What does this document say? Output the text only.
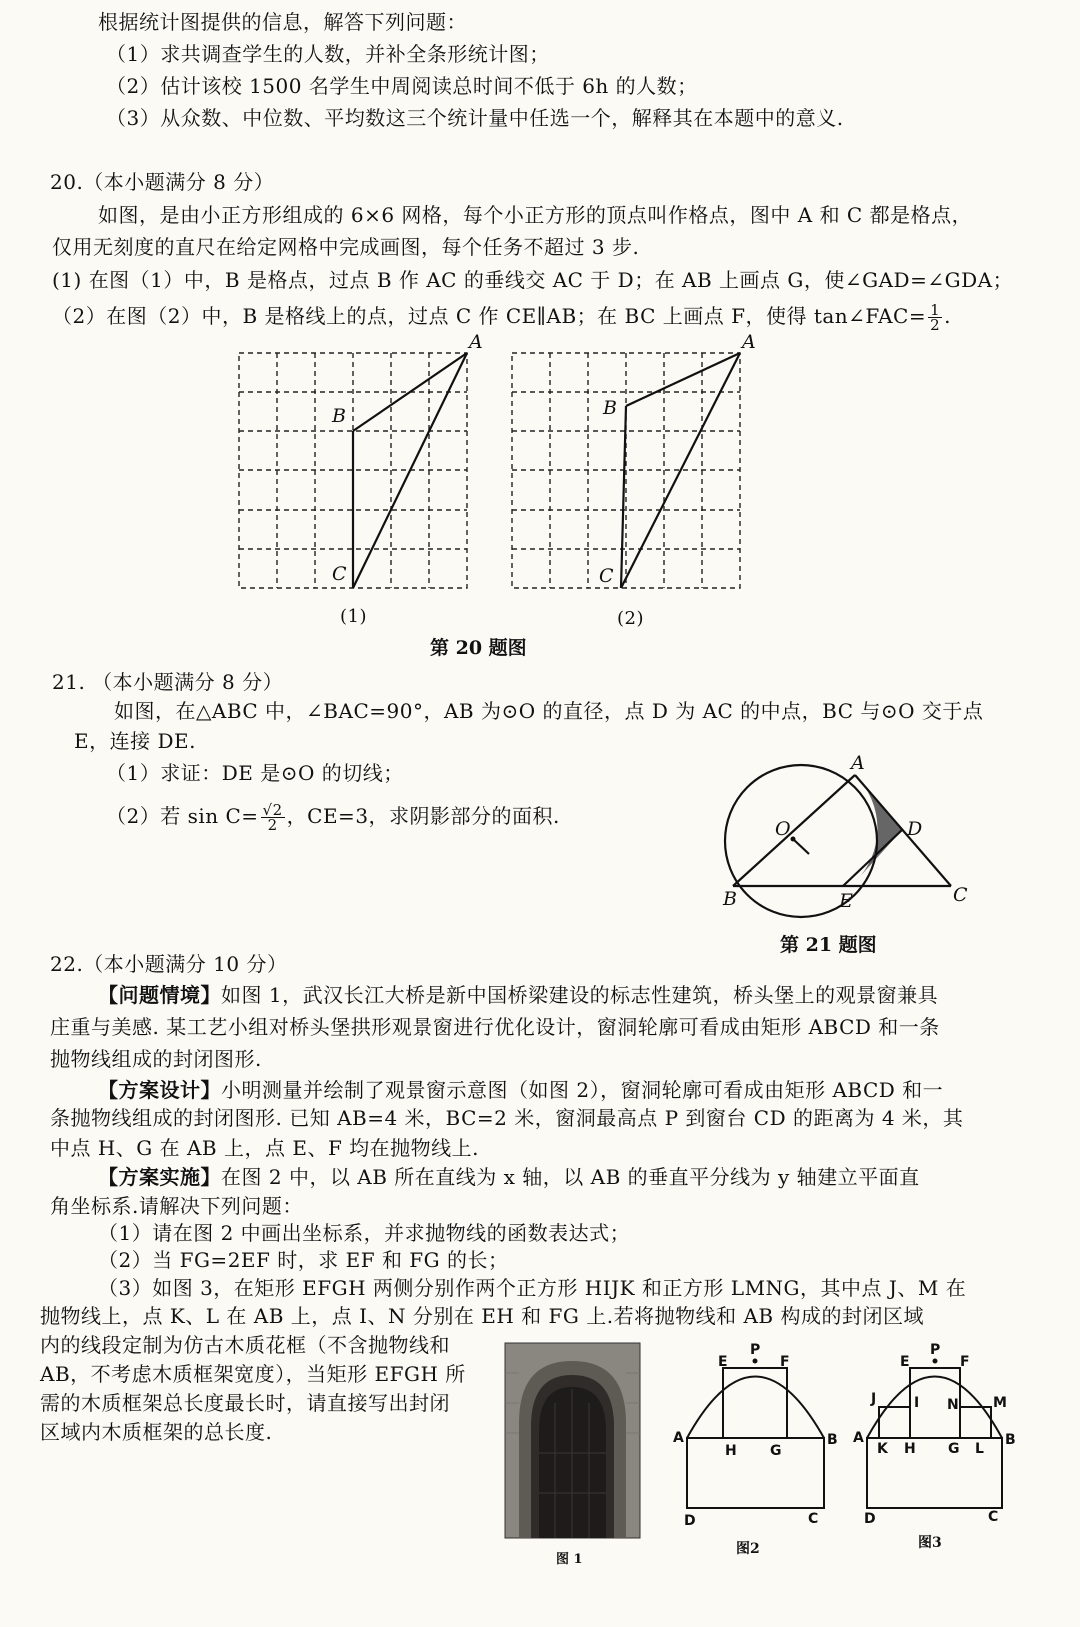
根据统计图提供的信息，解答下列问题：
（1）求共调查学生的人数，并补全条形统计图；
（2）估计该校 1500 名学生中周阅读总时间不低于 6h 的人数；
（3）从众数、中位数、平均数这三个统计量中任选一个，解释其在本题中的意义.
20.（本小题满分 8 分）
如图，是由小正方形组成的 6×6 网格，每个小正方形的顶点叫作格点，图中 A 和 C 都是格点，
仅用无刻度的直尺在给定网格中完成画图，每个任务不超过 3 步.
(1) 在图（1）中，B 是格点，过点 B 作 AC 的垂线交 AC 于 D；在 AB 上画点 G，使∠GAD=∠GDA；
（2）在图（2）中，B 是格线上的点，过点 C 作 CE∥AB；在 BC 上画点 F，使得 tan∠FAC= $\frac{1}{2}$ .
A
B
C
(1)
A
B
C
(2)
第 20 题图
21. （本小题满分 8 分）
如图，在△ABC 中，∠BAC=90°，AB 为⊙O 的直径，点 D 为 AC 的中点，BC 与⊙O 交于点
E，连接 DE.
（1）求证：DE 是⊙O 的切线；
（2）若 $\sin C= \frac{√2}{2}$ ，CE=3，求阴影部分的面积.
A
D
O
B	E	C
第 21 题图
22.（本小题满分 10 分）
【问题情境】如图 1，武汉长江大桥是新中国桥梁建设的标志性建筑，桥头堡上的观景窗兼具
庄重与美感. 某工艺小组对桥头堡拱形观景窗进行优化设计，窗洞轮廓可看成由矩形 ABCD 和一条
抛物线组成的封闭图形.
【方案设计】小明测量并绘制了观景窗示意图（如图 2），窗洞轮廓可看成由矩形 ABCD 和一
条抛物线组成的封闭图形. 已知 AB=4 米，BC=2 米，窗洞最高点 P 到窗台 CD 的距离为 4 米，其
中点 H、G 在 AB 上，点 E、F 均在抛物线上.
【方案实施】在图 2 中，以 AB 所在直线为 x 轴，以 AB 的垂直平分线为 y 轴建立平面直
角坐标系.请解决下列问题：
（1）请在图 2 中画出坐标系，并求抛物线的函数表达式；
（2）当 FG=2EF 时，求 EF 和 FG 的长；
（3）如图 3，在矩形 EFGH 两侧分别作两个正方形 HIJK 和正方形 LMNG，其中点 J、M 在
抛物线上，点 K、L 在 AB 上，点 I、N 分别在 EH 和 FG 上.若将抛物线和 AB 构成的封闭区域
内的线段定制为仿古木质花框（不含抛物线和
AB，不考虑木质框架宽度），当矩形 EFGH 所
需的木质框架总长度最长时，请直接写出封闭
区域内木质框架的总长度.
图 1
P
E	F
A	B
H G
D	C
图2
P
E	F
J	I N M
A	B
K H G L
D	C
图3
